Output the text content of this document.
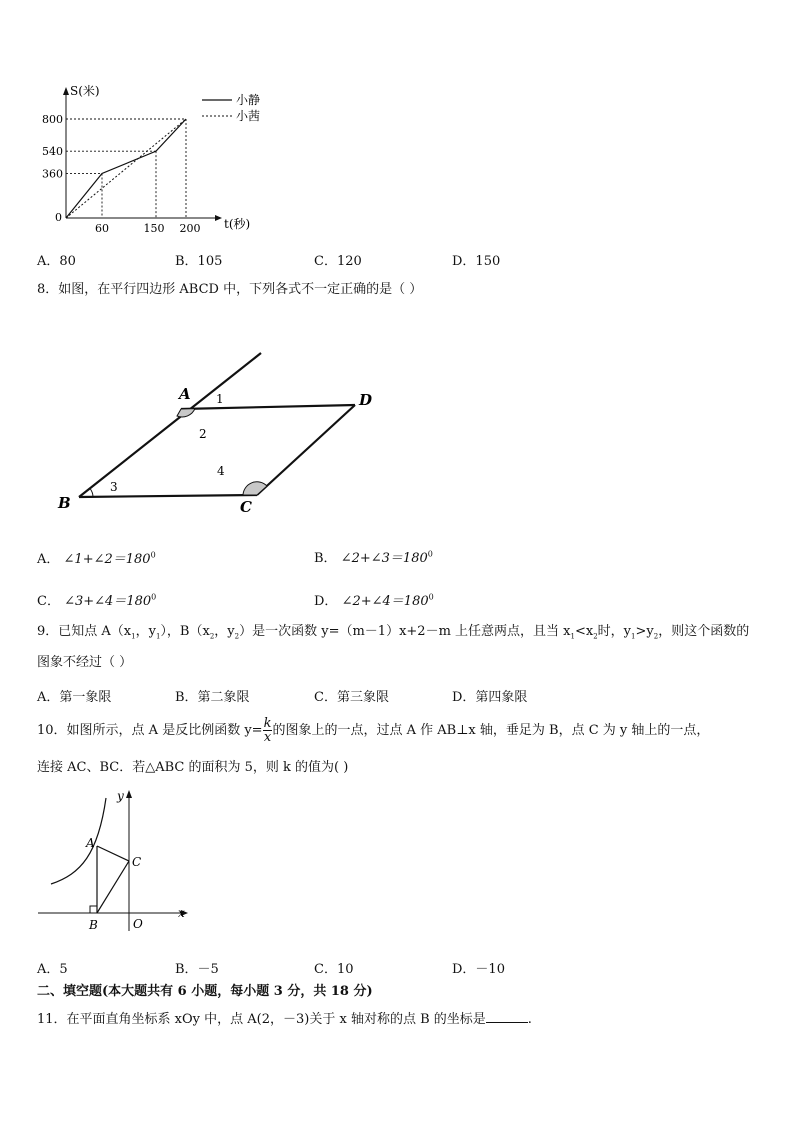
S(米)
t(秒)
800
540
360
0
60	150 200
小静
小茜
A．80	B．105	C．120	D．150
8．如图，在平行四边形 ABCD 中，下列各式不一定正确的是（ ）
A	D
B	C
1
2
3
4
A． $\angle 1+\angle 2=180^0$	B． $\angle 2+\angle 3=180^0$
C． $\angle 3+\angle 4=180^0$	D． $\angle 2+\angle 4=180^0$
9．已知点 $A(x_1$，$y_1$），$B(x_2$，$y_2$）是一次函数 y=（m－1）x+2－m 上任意两点，且当 $x_1<x_2$时，$y_1>y_2$，则这个函数的
图象不经过（ ）
A．第一象限	B．第二象限	C．第三象限	D．第四象限
10．如图所示，点 A 是反比例函数 $y= \frac{k}{x}$ 的图象上的一点，过点 A 作 AB⊥x 轴，垂足为 B，点 C 为 y 轴上的一点，
连接 AC、BC．若△ABC 的面积为 5，则 k 的值为( )
y
x
A
B
C
O
A．5	B．－5	C．10	D．－10
二、填空题(本大题共有 6 小题，每小题 3 分，共 18 分)
11．在平面直角坐标系 xOy 中，点 A(2，－3)关于 x 轴对称的点 B 的坐标是	.
